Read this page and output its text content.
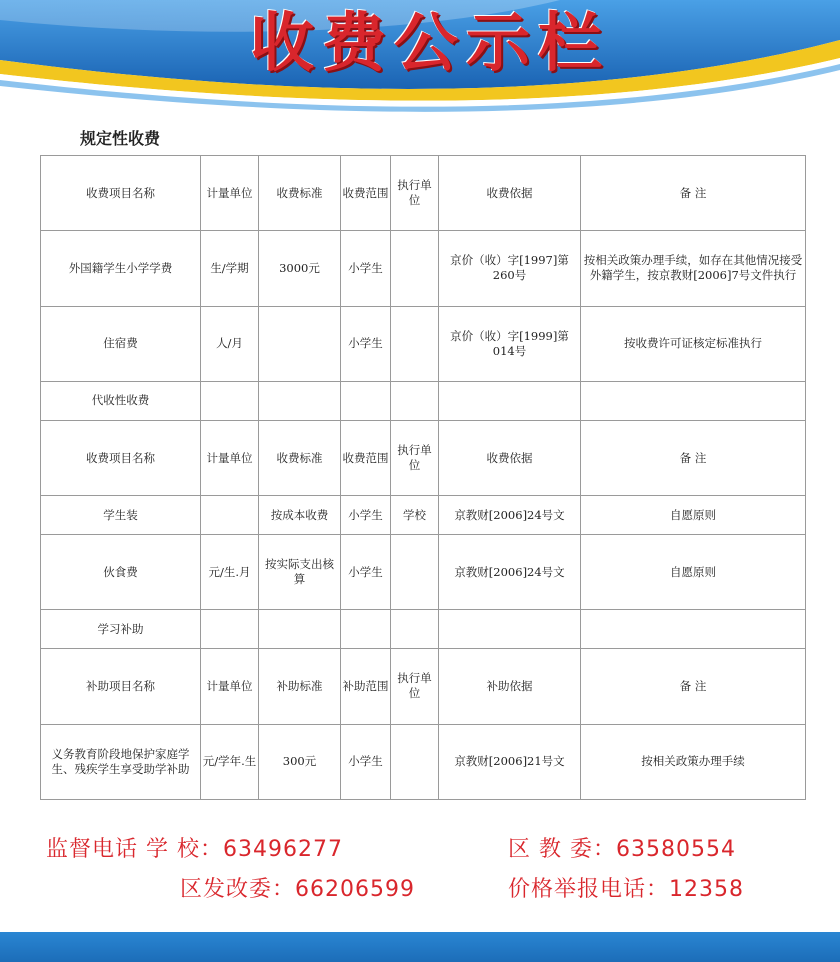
收费公示栏
规定性收费
收费项目名称	计量单位	收费标准	收费范围	执行单位	收费依据	备 注
外国籍学生小学学费	生/学期	3000元	小学生		京价（收）字[1997]第260号	按相关政策办理手续，如存在其他情况接受外籍学生，按京教财[2006]7号文件执行
住宿费	人/月		小学生		京价（收）字[1999]第014号	按收费许可证核定标准执行
代收性收费						
收费项目名称	计量单位	收费标准	收费范围	执行单位	收费依据	备 注
学生装		按成本收费	小学生	学校	京教财[2006]24号文	自愿原则
伙食费	元/生.月	按实际支出核算	小学生		京教财[2006]24号文	自愿原则
学习补助						
补助项目名称	计量单位	补助标准	补助范围	执行单位	补助依据	备 注
义务教育阶段地保护家庭学生、残疾学生享受助学补助	元/学年.生	300元	小学生		京教财[2006]21号文	按相关政策办理手续
监督电话 学 校：63496277	区 教 委：63580554
区发改委：66206599	价格举报电话：12358
